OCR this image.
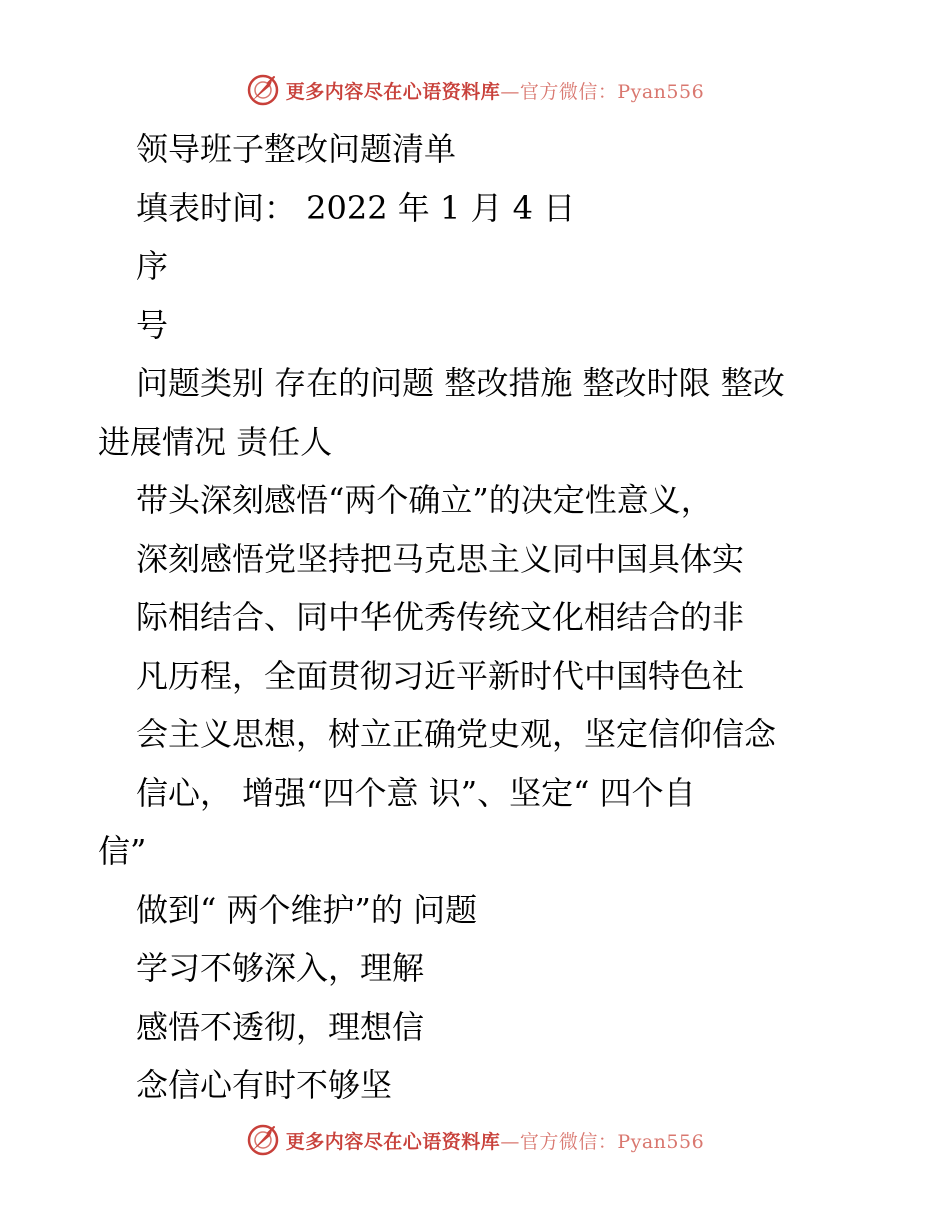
更多内容尽在心语资料库—官方微信：Pyan556
领导班子整改问题清单
填表时间： 2022 年 1 月 4 日
序
号
问题类别 存在的问题 整改措施 整改时限 整改
进展情况 责任人
带头深刻感悟“两个确立”的决定性意义，
深刻感悟党坚持把马克思主义同中国具体实
际相结合、同中华优秀传统文化相结合的非
凡历程，全面贯彻习近平新时代中国特色社
会主义思想，树立正确党史观，坚定信仰信念
信心， 增强“四个意 识”、坚定“ 四个自
信”
做到“ 两个维护”的 问题
学习不够深入，理解
感悟不透彻，理想信
念信心有时不够坚
更多内容尽在心语资料库—官方微信：Pyan556
